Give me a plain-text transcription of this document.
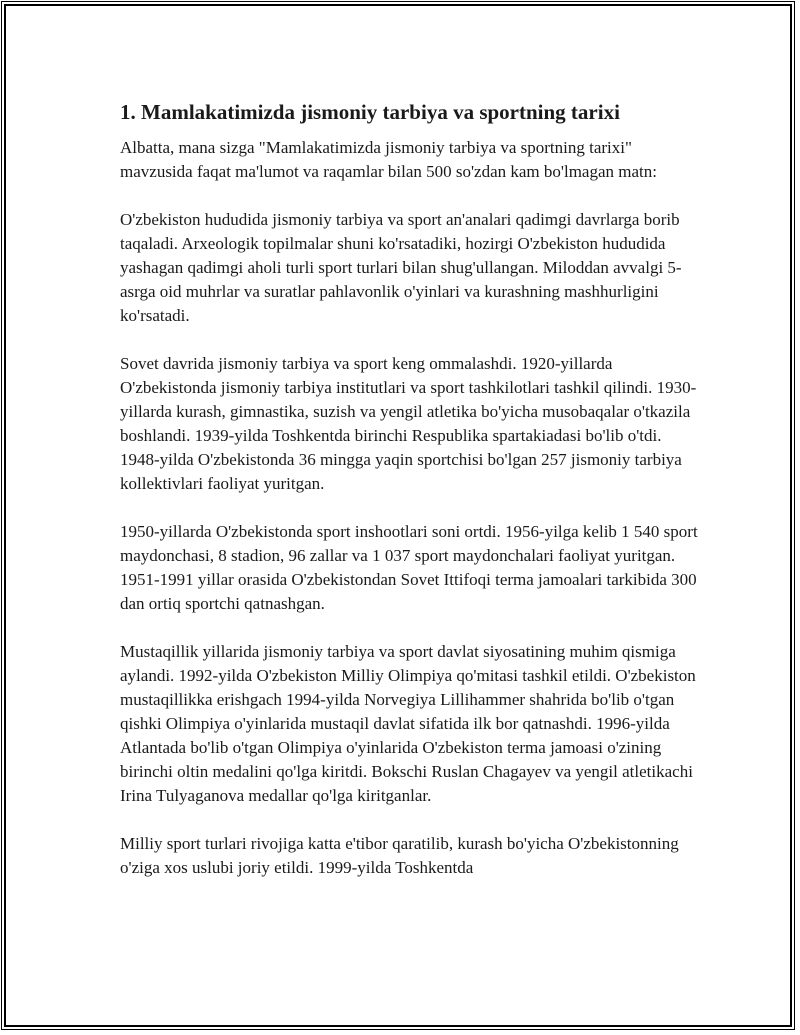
1. Mamlakatimizda jismoniy tarbiya va sportning tarixi

Albatta, mana sizga "Mamlakatimizda jismoniy tarbiya va sportning tarixi" mavzusida faqat ma'lumot va raqamlar bilan 500 so'zdan kam bo'lmagan matn:

O'zbekiston hududida jismoniy tarbiya va sport an'analari qadimgi davrlarga borib taqaladi. Arxeologik topilmalar shuni ko'rsatadiki, hozirgi O'zbekiston hududida yashagan qadimgi aholi turli sport turlari bilan shug'ullangan. Miloddan avvalgi 5-asrga oid muhrlar va suratlar pahlavonlik o'yinlari va kurashning mashhurligini ko'rsatadi.

Sovet davrida jismoniy tarbiya va sport keng ommalashdi. 1920-yillarda O'zbekistonda jismoniy tarbiya institutlari va sport tashkilotlari tashkil qilindi. 1930-yillarda kurash, gimnastika, suzish va yengil atletika bo'yicha musobaqalar o'tkazila boshlandi. 1939-yilda Toshkentda birinchi Respublika spartakiadasi bo'lib o'tdi. 1948-yilda O'zbekistonda 36 mingga yaqin sportchisi bo'lgan 257 jismoniy tarbiya kollektivlari faoliyat yuritgan.

1950-yillarda O'zbekistonda sport inshootlari soni ortdi. 1956-yilga kelib 1 540 sport maydonchasi, 8 stadion, 96 zallar va 1 037 sport maydonchalari faoliyat yuritgan. 1951-1991 yillar orasida O'zbekistondan Sovet Ittifoqi terma jamoalari tarkibida 300 dan ortiq sportchi qatnashgan.

Mustaqillik yillarida jismoniy tarbiya va sport davlat siyosatining muhim qismiga aylandi. 1992-yilda O'zbekiston Milliy Olimpiya qo'mitasi tashkil etildi. O'zbekiston mustaqillikka erishgach 1994-yilda Norvegiya Lillihammer shahrida bo'lib o'tgan qishki Olimpiya o'yinlarida mustaqil davlat sifatida ilk bor qatnashdi. 1996-yilda Atlantada bo'lib o'tgan Olimpiya o'yinlarida O'zbekiston terma jamoasi o'zining birinchi oltin medalini qo'lga kiritdi. Bokschi Ruslan Chagayev va yengil atletikachi Irina Tulyaganova medallar qo'lga kiritganlar.

Milliy sport turlari rivojiga katta e'tibor qaratilib, kurash bo'yicha O'zbekistonning o'ziga xos uslubi joriy etildi. 1999-yilda Toshkentda
